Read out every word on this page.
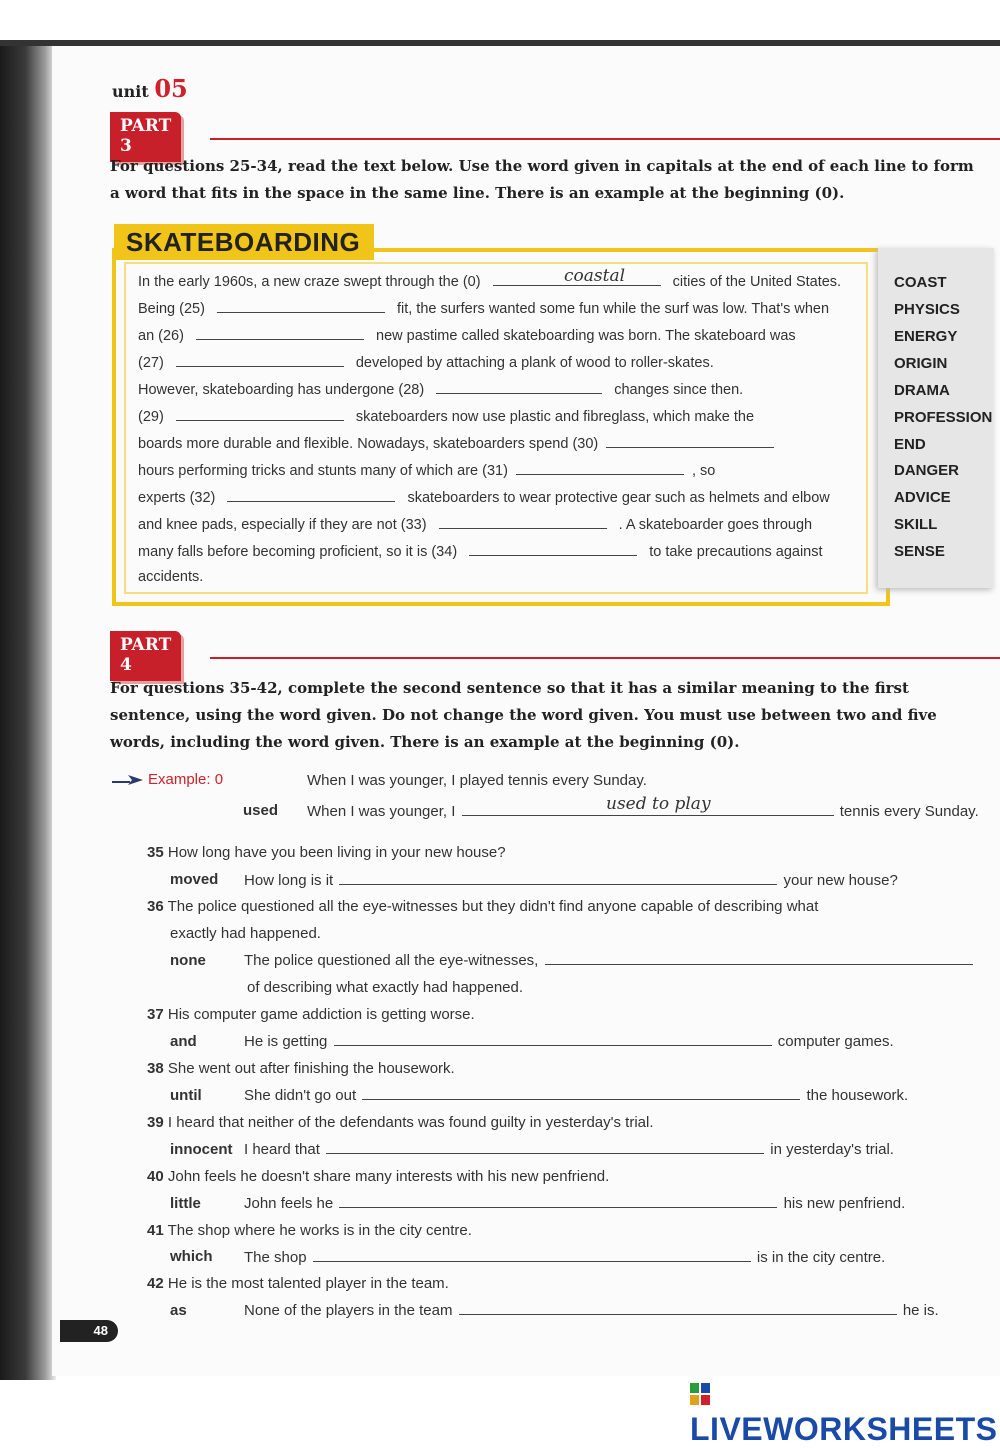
unit 05
PART 3
For questions 25-34, read the text below. Use the word given in capitals at the end of each line to form a word that fits in the space in the same line. There is an example at the beginning (0).
SKATEBOARDING
In the early 1960s, a new craze swept through the (0)	cities of the United States.
coastal
Being (25)	fit, the surfers wanted some fun while the surf was low. That's when
an (26)	new pastime called skateboarding was born. The skateboard was
(27)	developed by attaching a plank of wood to roller-skates.
However, skateboarding has undergone (28)	changes since then.
(29)	skateboarders now use plastic and fibreglass, which make the
boards more durable and flexible. Nowadays, skateboarders spend (30)
hours performing tricks and stunts many of which are (31)	, so
experts (32)	skateboarders to wear protective gear such as helmets and elbow
and knee pads, especially if they are not (33)	. A skateboarder goes through
many falls before becoming proficient, so it is (34)	to take precautions against
accidents.
COAST
PHYSICS
ENERGY
ORIGIN
DRAMA
PROFESSION
END
DANGER
ADVICE
SKILL
SENSE
PART 4
For questions 35-42, complete the second sentence so that it has a similar meaning to the first sentence, using the word given. Do not change the word given. You must use between two and five words, including the word given. There is an example at the beginning (0).
Example: 0	When I was younger, I played tennis every Sunday.
used When I was younger, I	tennis every Sunday.
used to play
35 How long have you been living in your new house?
moved How long is it	your new house?
36 The police questioned all the eye-witnesses but they didn't find anyone capable of describing what
exactly had happened.
none	The police questioned all the eye-witnesses,
of describing what exactly had happened.
37 His computer game addiction is getting worse.
and	He is getting	computer games.
38 She went out after finishing the housework.
until	She didn't go out	the housework.
39 I heard that neither of the defendants was found guilty in yesterday's trial.
innocent I heard that	in yesterday's trial.
40 John feels he doesn't share many interests with his new penfriend.
little	John feels he	his new penfriend.
41 The shop where he works is in the city centre.
which The shop	is in the city centre.
42 He is the most talented player in the team.
as	None of the players in the team	he is.
48
LIVEWORKSHEETS
